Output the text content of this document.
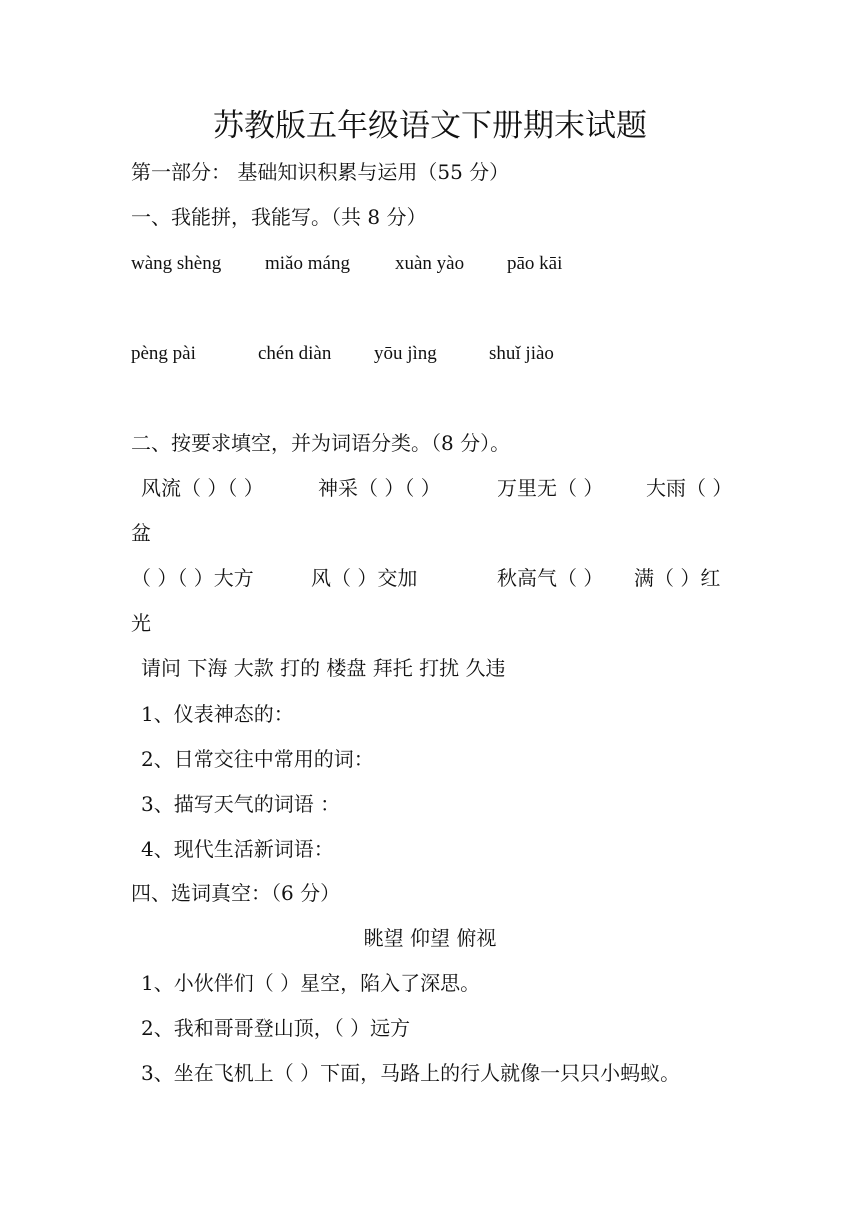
苏教版五年级语文下册期末试题
第一部分： 基础知识积累与运用（55 分）
一、我能拼，我能写。（共 8 分）
wàng shèng miǎo máng xuàn yào pāo kāi
pèng pài	chén diàn yōu jìng	shuǐ jiào
二、按要求填空，并为词语分类。（8 分）。
风流（ ）（ ）	神采（ ）（ ）	万里无（ ） 大雨（ ）
盆
（ ）（ ）大方	风（ ）交加	秋高气（ ） 满（ ）红
光
请问 下海 大款 打的 楼盘 拜托 打扰 久违
1、仪表神态的：
2、日常交往中常用的词：
3、描写天气的词语 ：
4、现代生活新词语：
四、选词真空：（6 分）
眺望 仰望 俯视
1、小伙伴们（ ）星空，陷入了深思。
2、我和哥哥登山顶，（ ）远方
3、坐在飞机上（ ）下面，马路上的行人就像一只只小蚂蚁。
